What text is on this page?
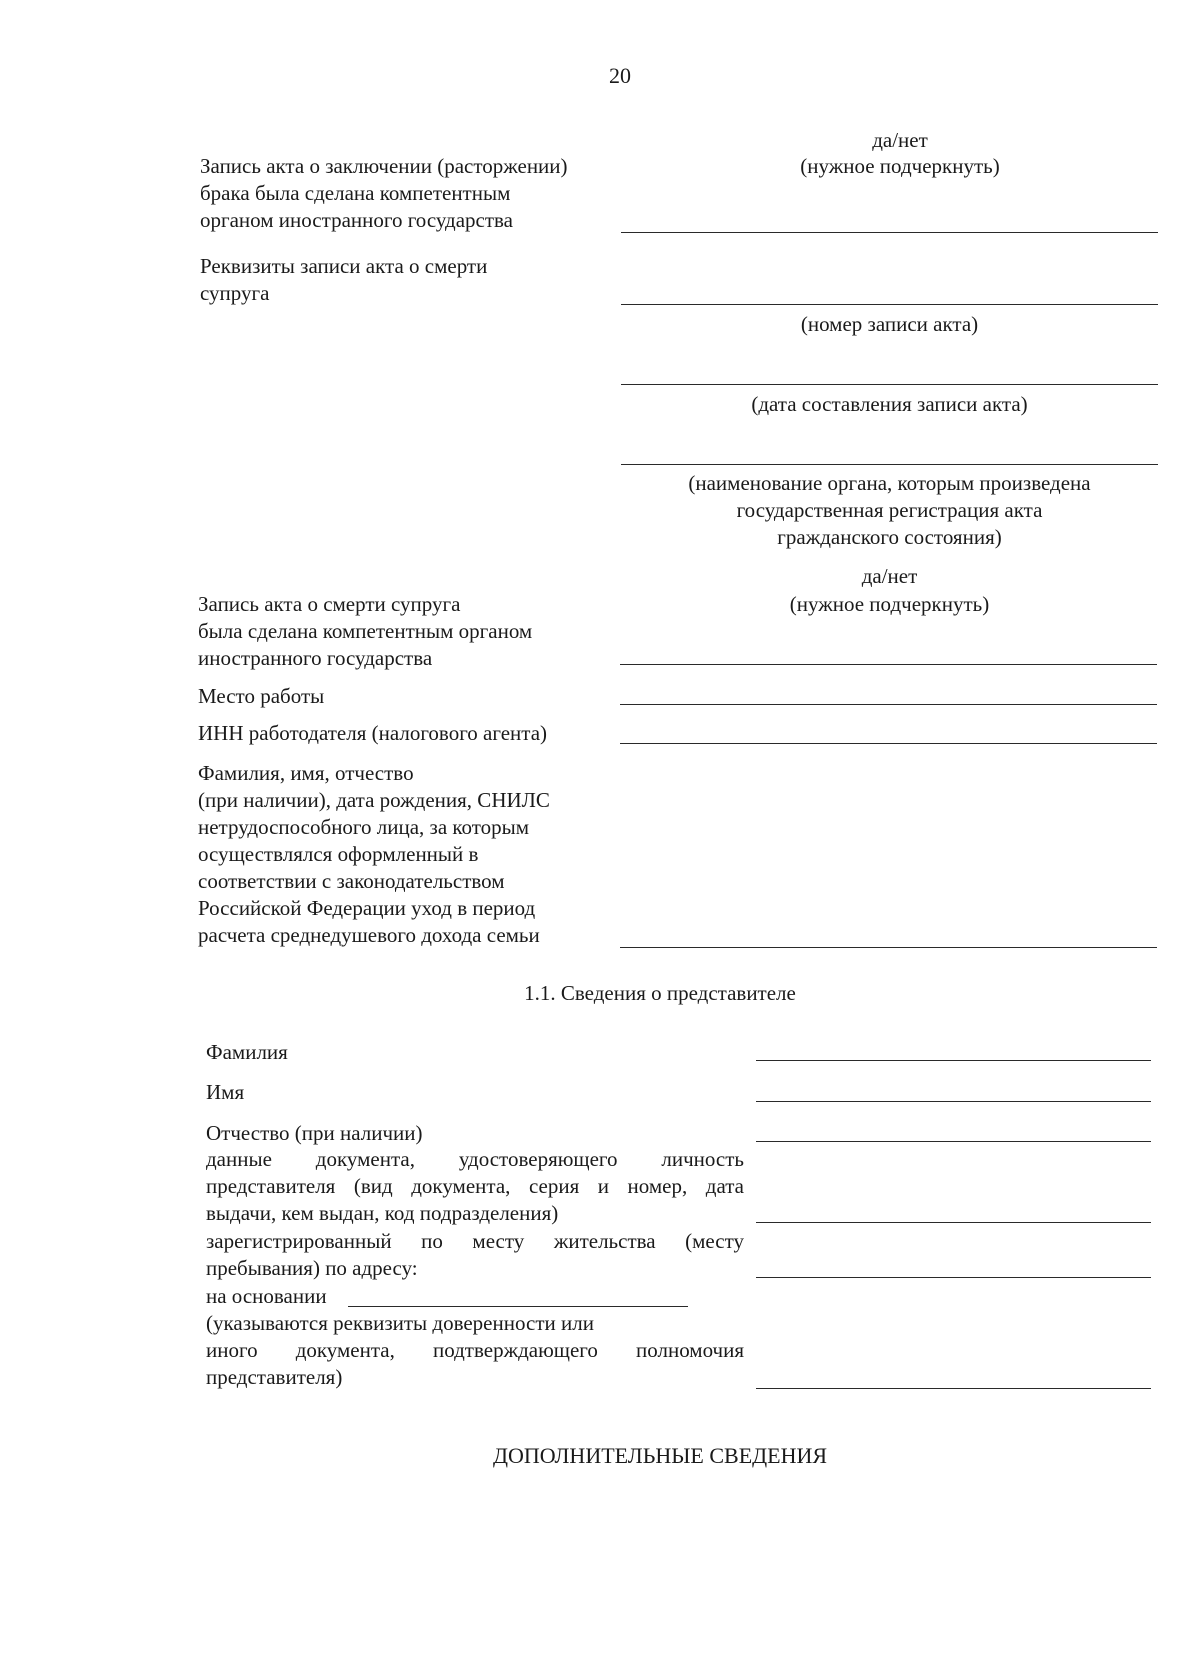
20
да/нет
(нужное подчеркнуть)
Запись акта о заключении (расторжении)
брака была сделана компетентным
органом иностранного государства
Реквизиты записи акта о смерти
супруга
(номер записи акта)
(дата составления записи акта)
(наименование органа, которым произведена
государственная регистрация акта
гражданского состояния)
да/нет
(нужное подчеркнуть)
Запись акта о смерти супруга
была сделана компетентным органом
иностранного государства
Место работы
ИНН работодателя (налогового агента)
Фамилия, имя, отчество
(при наличии), дата рождения, СНИЛС
нетрудоспособного лица, за которым
осуществлялся оформленный в
соответствии с законодательством
Российской Федерации уход в период
расчета среднедушевого дохода семьи
1.1. Сведения о представителе
Фамилия
Имя
Отчество (при наличии)
данные документа, удостоверяющего личность
представителя (вид документа, серия и номер, дата
выдачи, кем выдан, код подразделения)
зарегистрированный по месту жительства (месту
пребывания) по адресу:
на основании
(указываются реквизиты доверенности или
иного документа, подтверждающего полномочия
представителя)
ДОПОЛНИТЕЛЬНЫЕ СВЕДЕНИЯ
